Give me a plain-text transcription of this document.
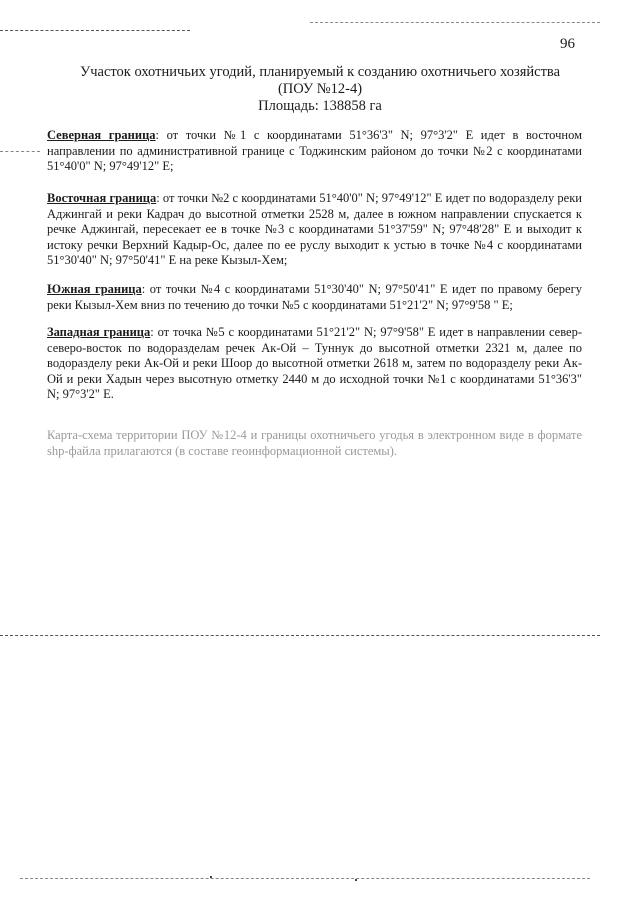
96
Участок охотничьих угодий, планируемый к созданию охотничьего хозяйства
(ПОУ №12-4)
Площадь: 138858 га
Северная граница: от точки №1 с координатами 51°36'3" N; 97°3'2" E идет в восточном направлении по административной границе с Тоджинским районом до точки №2 с координатами 51°40'0" N; 97°49'12" E;
Восточная граница: от точки №2 с координатами 51°40'0" N; 97°49'12" E идет по водоразделу реки Аджингай и реки Кадрач до высотной отметки 2528 м, далее в южном направлении спускается к речке Аджингай, пересекает ее в точке №3 с координатами 51°37'59" N; 97°48'28" E и выходит к истоку речки Верхний Кадыр-Ос, далее по ее руслу выходит к устью в точке №4 с координатами 51°30'40" N; 97°50'41" E на реке Кызыл-Хем;
Южная граница: от точки №4 с координатами 51°30'40" N; 97°50'41" E идет по правому берегу реки Кызыл-Хем вниз по течению до точки №5 с координатами 51°21'2" N; 97°9'58 " E;
Западная граница: от точка №5 с координатами 51°21'2" N; 97°9'58" E идет в направлении север-северо-восток по водоразделам речек Ак-Ой – Туннук до высотной отметки 2321 м, далее по водоразделу реки Ак-Ой и реки Шоор до высотной отметки 2618 м, затем по водоразделу реки Ак-Ой и реки Хадын через высотную отметку 2440 м до исходной точки №1 с координатами 51°36'3" N; 97°3'2" E.
Карта-схема территории ПОУ №12-4 и границы охотничьего угодья в электронном виде в формате shp-файла прилагаются (в составе геоинформационной системы).
